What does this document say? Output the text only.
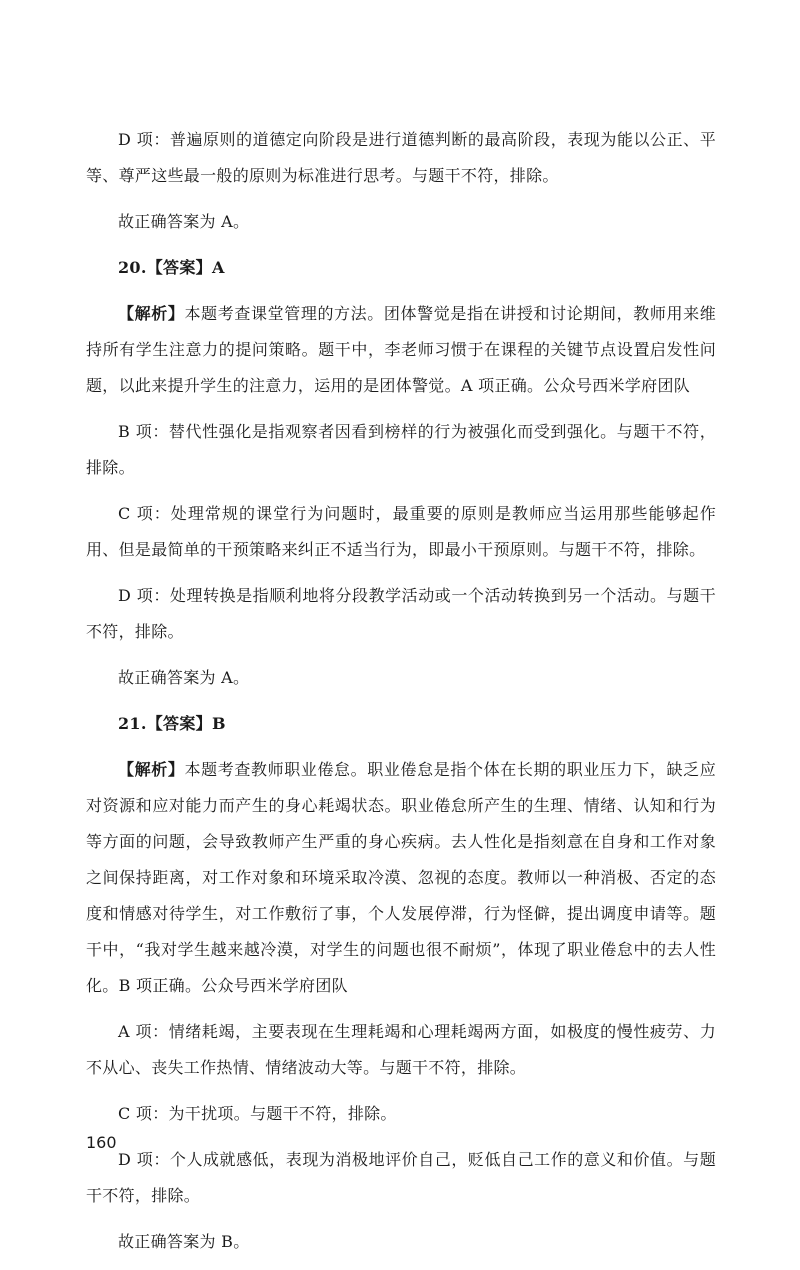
D 项：普遍原则的道德定向阶段是进行道德判断的最高阶段，表现为能以公正、平等、尊严这些最一般的原则为标准进行思考。与题干不符，排除。

故正确答案为 A。

20.【答案】A

【解析】本题考查课堂管理的方法。团体警觉是指在讲授和讨论期间，教师用来维持所有学生注意力的提问策略。题干中，李老师习惯于在课程的关键节点设置启发性问题，以此来提升学生的注意力，运用的是团体警觉。A 项正确。公众号西米学府团队

B 项：替代性强化是指观察者因看到榜样的行为被强化而受到强化。与题干不符，排除。

C 项：处理常规的课堂行为问题时，最重要的原则是教师应当运用那些能够起作用、但是最简单的干预策略来纠正不适当行为，即最小干预原则。与题干不符，排除。

D 项：处理转换是指顺利地将分段教学活动或一个活动转换到另一个活动。与题干不符，排除。

故正确答案为 A。

21.【答案】B

【解析】本题考查教师职业倦怠。职业倦怠是指个体在长期的职业压力下，缺乏应对资源和应对能力而产生的身心耗竭状态。职业倦怠所产生的生理、情绪、认知和行为等方面的问题，会导致教师产生严重的身心疾病。去人性化是指刻意在自身和工作对象之间保持距离，对工作对象和环境采取冷漠、忽视的态度。教师以一种消极、否定的态度和情感对待学生，对工作敷衍了事，个人发展停滞，行为怪僻，提出调度申请等。题干中，“我对学生越来越冷漠，对学生的问题也很不耐烦”，体现了职业倦怠中的去人性化。B 项正确。公众号西米学府团队

A 项：情绪耗竭，主要表现在生理耗竭和心理耗竭两方面，如极度的慢性疲劳、力不从心、丧失工作热情、情绪波动大等。与题干不符，排除。

C 项：为干扰项。与题干不符，排除。

D 项：个人成就感低，表现为消极地评价自己，贬低自己工作的意义和价值。与题干不符，排除。

故正确答案为 B。

160
